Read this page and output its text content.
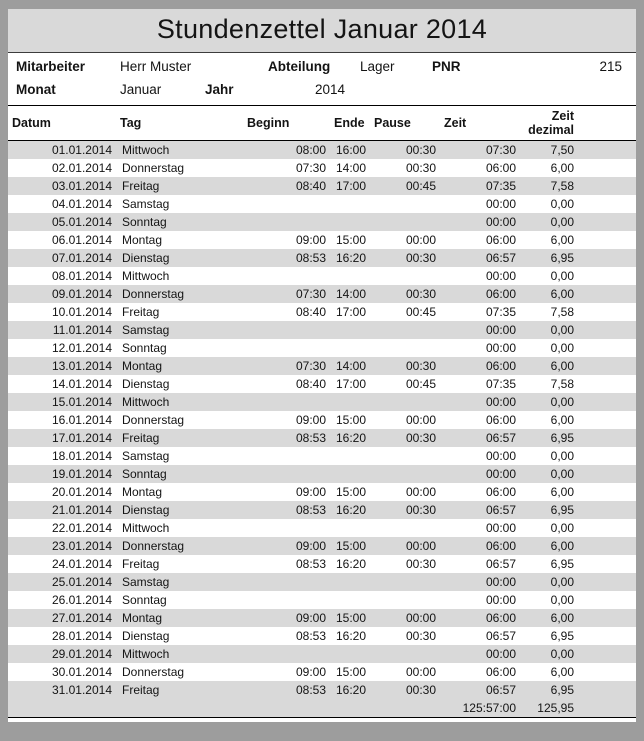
Stundenzettel Januar 2014
Mitarbeiter	Herr Muster	Abteilung	Lager	PNR	215
Monat	Januar	Jahr	2014
Datum	Tag	Beginn	Ende	Pause	Zeit	Zeit dezimal
01.01.2014	Mittwoch	08:00	16:00	00:30	07:30	7,50
02.01.2014	Donnerstag	07:30	14:00	00:30	06:00	6,00
03.01.2014	Freitag	08:40	17:00	00:45	07:35	7,58
04.01.2014	Samstag				00:00	0,00
05.01.2014	Sonntag				00:00	0,00
06.01.2014	Montag	09:00	15:00	00:00	06:00	6,00
07.01.2014	Dienstag	08:53	16:20	00:30	06:57	6,95
08.01.2014	Mittwoch				00:00	0,00
09.01.2014	Donnerstag	07:30	14:00	00:30	06:00	6,00
10.01.2014	Freitag	08:40	17:00	00:45	07:35	7,58
11.01.2014	Samstag				00:00	0,00
12.01.2014	Sonntag				00:00	0,00
13.01.2014	Montag	07:30	14:00	00:30	06:00	6,00
14.01.2014	Dienstag	08:40	17:00	00:45	07:35	7,58
15.01.2014	Mittwoch				00:00	0,00
16.01.2014	Donnerstag	09:00	15:00	00:00	06:00	6,00
17.01.2014	Freitag	08:53	16:20	00:30	06:57	6,95
18.01.2014	Samstag				00:00	0,00
19.01.2014	Sonntag				00:00	0,00
20.01.2014	Montag	09:00	15:00	00:00	06:00	6,00
21.01.2014	Dienstag	08:53	16:20	00:30	06:57	6,95
22.01.2014	Mittwoch				00:00	0,00
23.01.2014	Donnerstag	09:00	15:00	00:00	06:00	6,00
24.01.2014	Freitag	08:53	16:20	00:30	06:57	6,95
25.01.2014	Samstag				00:00	0,00
26.01.2014	Sonntag				00:00	0,00
27.01.2014	Montag	09:00	15:00	00:00	06:00	6,00
28.01.2014	Dienstag	08:53	16:20	00:30	06:57	6,95
29.01.2014	Mittwoch				00:00	0,00
30.01.2014	Donnerstag	09:00	15:00	00:00	06:00	6,00
31.01.2014	Freitag	08:53	16:20	00:30	06:57	6,95
					125:57:00	125,95
